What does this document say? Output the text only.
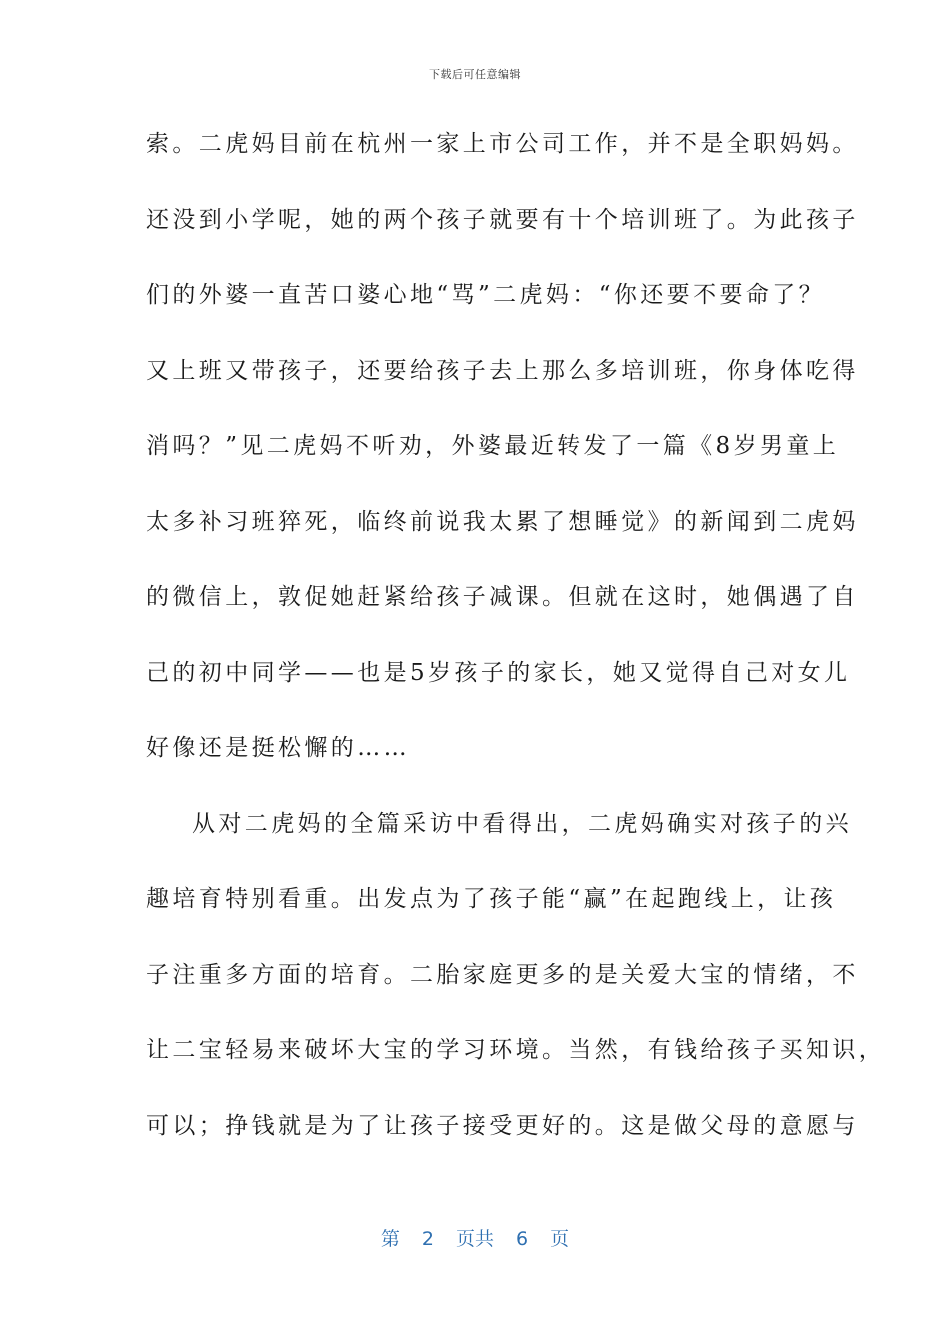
下载后可任意编辑
索。二虎妈目前在杭州一家上市公司工作，并不是全职妈妈。
还没到小学呢，她的两个孩子就要有十个培训班了。为此孩子
们的外婆一直苦口婆心地“骂”二虎妈：“你还要不要命了？
又上班又带孩子，还要给孩子去上那么多培训班，你身体吃得
消吗？”见二虎妈不听劝，外婆最近转发了一篇《8岁男童上
太多补习班猝死，临终前说我太累了想睡觉》的新闻到二虎妈
的微信上，敦促她赶紧给孩子减课。但就在这时，她偶遇了自
己的初中同学——也是5岁孩子的家长，她又觉得自己对女儿
好像还是挺松懈的……
从对二虎妈的全篇采访中看得出，二虎妈确实对孩子的兴
趣培育特别看重。出发点为了孩子能“赢”在起跑线上，让孩
子注重多方面的培育。二胎家庭更多的是关爱大宝的情绪，不
让二宝轻易来破坏大宝的学习环境。当然，有钱给孩子买知识，
可以；挣钱就是为了让孩子接受更好的。这是做父母的意愿与
第 2 页共 6 页
